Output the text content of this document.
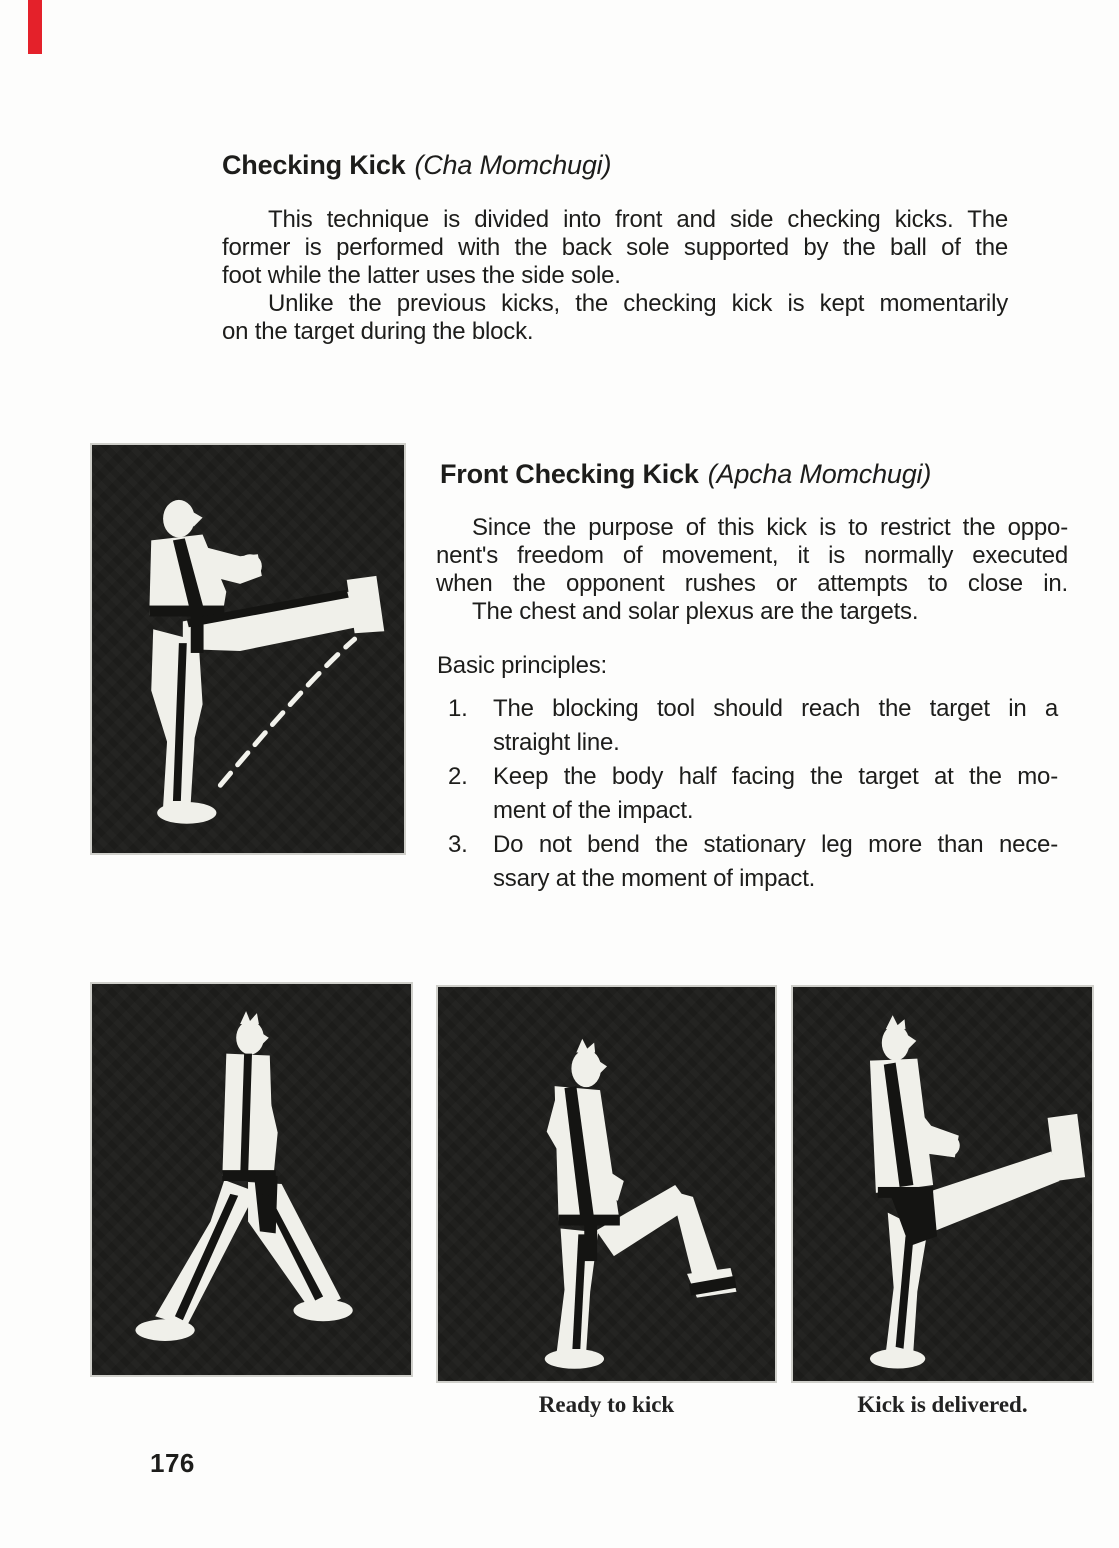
Checking Kick (Cha Momchugi)
This technique is divided into front and side checking kicks. The
former is performed with the back sole supported by the ball of the
foot while the latter uses the side sole.
Unlike the previous kicks, the checking kick is kept momentarily
on the target during the block.
Front Checking Kick (Apcha Momchugi)
Since the purpose of this kick is to restrict the oppo-
nent's freedom of movement, it is normally executed
when the opponent rushes or attempts to close in.
The chest and solar plexus are the targets.
Basic principles:
1.	The blocking tool should reach the target in a
straight line.
2.	Keep the body half facing the target at the mo-
ment of the impact.
3.	Do not bend the stationary leg more than nece-
ssary at the moment of impact.
Ready to kick	Kick is delivered.
176
